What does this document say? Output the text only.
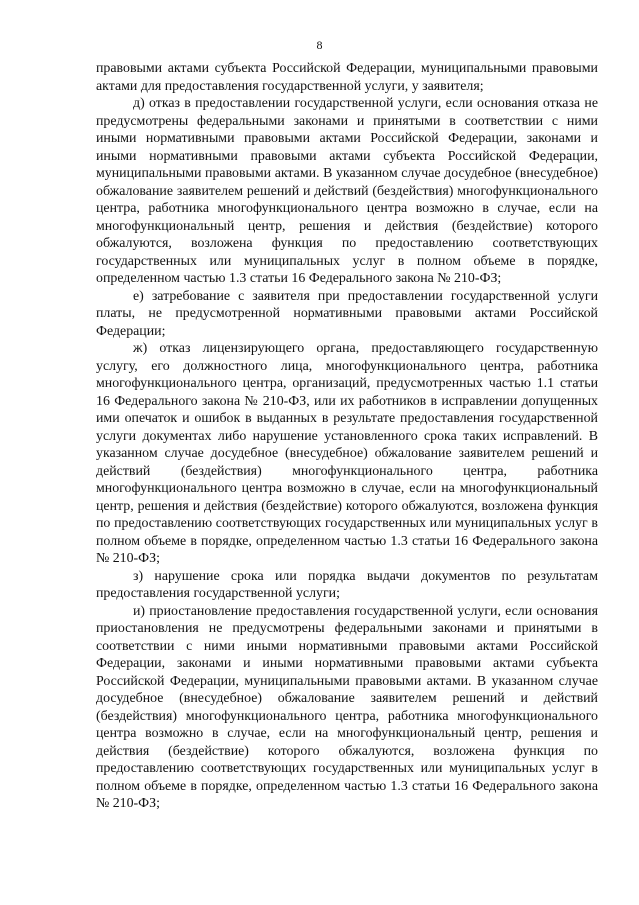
8

правовыми актами субъекта Российской Федерации, муниципальными правовыми актами для предоставления государственной услуги, у заявителя;

д) отказ в предоставлении государственной услуги, если основания отказа не предусмотрены федеральными законами и принятыми в соответствии с ними иными нормативными правовыми актами Российской Федерации, законами и иными нормативными правовыми актами субъекта Российской Федерации, муниципальными правовыми актами. В указанном случае досудебное (внесудебное) обжалование заявителем решений и действий (бездействия) многофункционального центра, работника многофункционального центра возможно в случае, если на многофункциональный центр, решения и действия (бездействие) которого обжалуются, возложена функция по предоставлению соответствующих государственных или муниципальных услуг в полном объеме в порядке, определенном частью 1.3 статьи 16 Федерального закона № 210-ФЗ;

е) затребование с заявителя при предоставлении государственной услуги платы, не предусмотренной нормативными правовыми актами Российской Федерации;

ж) отказ лицензирующего органа, предоставляющего государственную услугу, его должностного лица, многофункционального центра, работника многофункционального центра, организаций, предусмотренных частью 1.1 статьи 16 Федерального закона № 210-ФЗ, или их работников в исправлении допущенных ими опечаток и ошибок в выданных в результате предоставления государственной услуги документах либо нарушение установленного срока таких исправлений. В указанном случае досудебное (внесудебное) обжалование заявителем решений и действий (бездействия) многофункционального центра, работника многофункционального центра возможно в случае, если на многофункциональный центр, решения и действия (бездействие) которого обжалуются, возложена функция по предоставлению соответствующих государственных или муниципальных услуг в полном объеме в порядке, определенном частью 1.3 статьи 16 Федерального закона № 210-ФЗ;

з) нарушение срока или порядка выдачи документов по результатам предоставления государственной услуги;

и) приостановление предоставления государственной услуги, если основания приостановления не предусмотрены федеральными законами и принятыми в соответствии с ними иными нормативными правовыми актами Российской Федерации, законами и иными нормативными правовыми актами субъекта Российской Федерации, муниципальными правовыми актами. В указанном случае досудебное (внесудебное) обжалование заявителем решений и действий (бездействия) многофункционального центра, работника многофункционального центра возможно в случае, если на многофункциональный центр, решения и действия (бездействие) которого обжалуются, возложена функция по предоставлению соответствующих государственных или муниципальных услуг в полном объеме в порядке, определенном частью 1.3 статьи 16 Федерального закона № 210-ФЗ;
